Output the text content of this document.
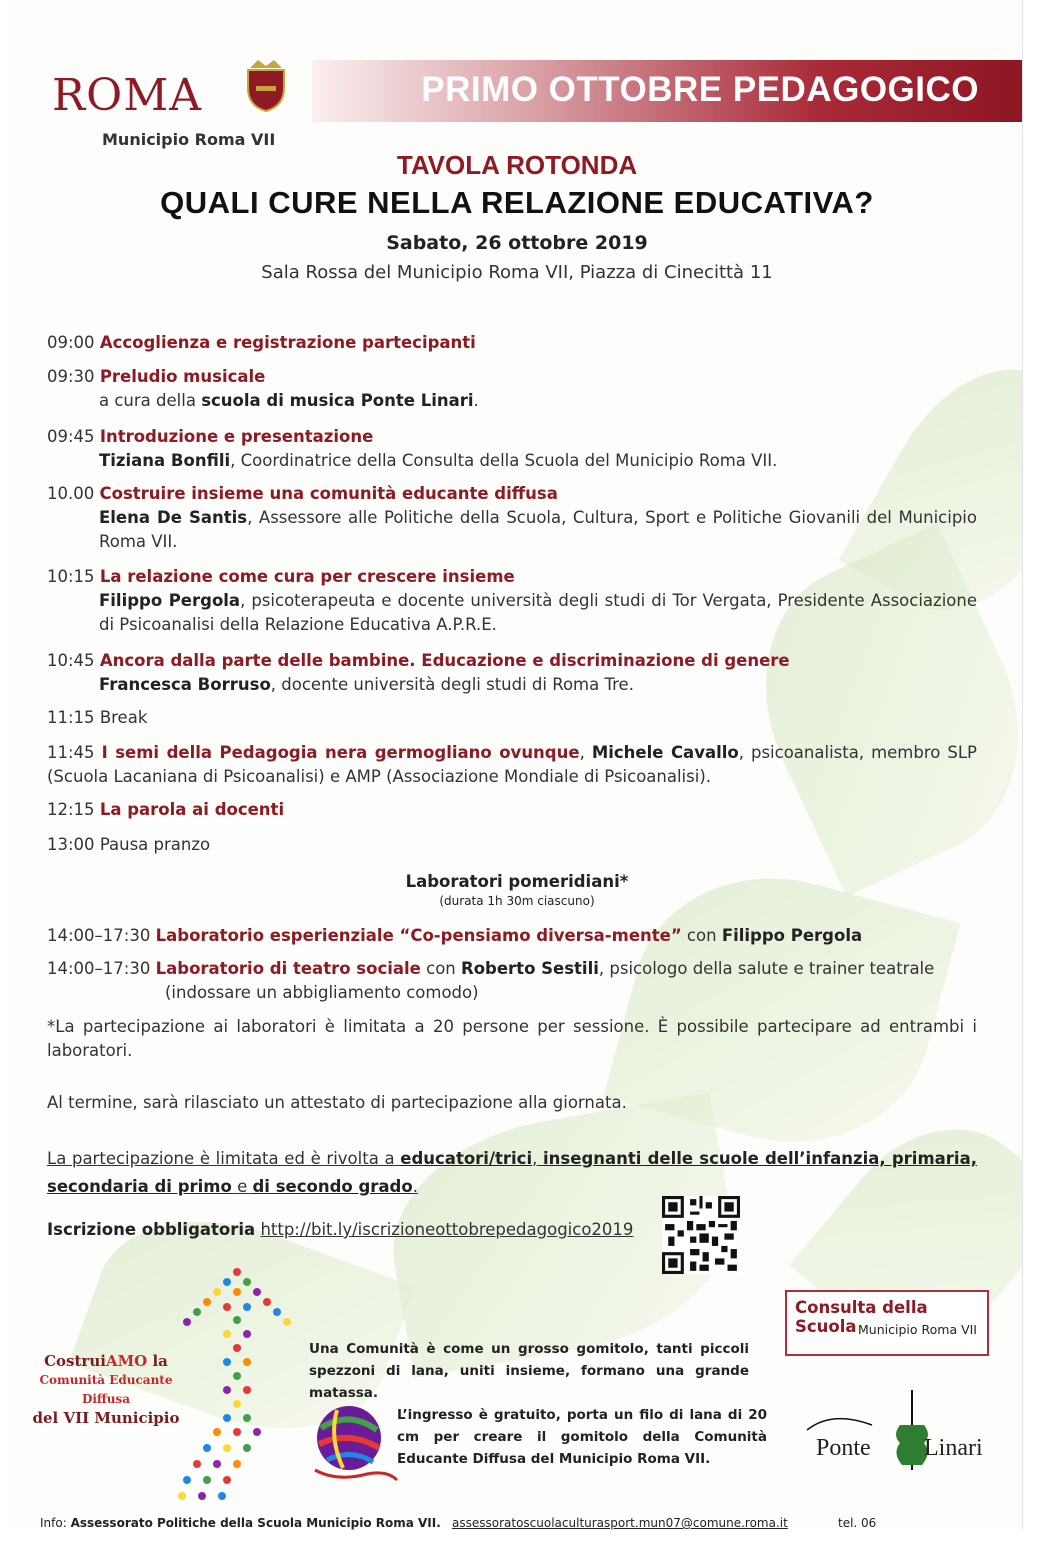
ROMA
Municipio Roma VII
PRIMO OTTOBRE PEDAGOGICO
TAVOLA ROTONDA
QUALI CURE NELLA RELAZIONE EDUCATIVA?
Sabato, 26 ottobre 2019
Sala Rossa del Municipio Roma VII, Piazza di Cinecittà 11
09:00 Accoglienza e registrazione partecipanti
09:30 Preludio musicale
a cura della scuola di musica Ponte Linari.
09:45 Introduzione e presentazione
Tiziana Bonfili, Coordinatrice della Consulta della Scuola del Municipio Roma VII.
10.00 Costruire insieme una comunità educante diffusa
Elena De Santis, Assessore alle Politiche della Scuola, Cultura, Sport e Politiche Giovanili del Municipio Roma VII.
10:15 La relazione come cura per crescere insieme
Filippo Pergola, psicoterapeuta e docente università degli studi di Tor Vergata, Presidente Associazione di Psicoanalisi della Relazione Educativa A.P.R.E.
10:45 Ancora dalla parte delle bambine. Educazione e discriminazione di genere
Francesca Borruso, docente università degli studi di Roma Tre.
11:15 Break
11:45 I semi della Pedagogia nera germogliano ovunque, Michele Cavallo, psicoanalista, membro SLP (Scuola Lacaniana di Psicoanalisi) e AMP (Associazione Mondiale di Psicoanalisi).
12:15 La parola ai docenti
13:00 Pausa pranzo
Laboratori pomeridiani*
(durata 1h 30m ciascuno)
14:00–17:30 Laboratorio esperienziale “Co-pensiamo diversa-mente” con Filippo Pergola
14:00–17:30 Laboratorio di teatro sociale con Roberto Sestili, psicologo della salute e trainer teatrale
(indossare un abbigliamento comodo)
*La partecipazione ai laboratori è limitata a 20 persone per sessione. È possibile partecipare ad entrambi i laboratori.
Al termine, sarà rilasciato un attestato di partecipazione alla giornata.
La partecipazione è limitata ed è rivolta a educatori/trici, insegnanti delle scuole dell’infanzia, primaria, secondaria di primo e di secondo grado.
Iscrizione obbligatoria http://bit.ly/iscrizioneottobrepedagogico2019
Consulta della Scuola Municipio Roma VII
CostruiAMO la
Comunità Educante Diffusa
del VII Municipio
Una Comunità è come un grosso gomitolo, tanti piccoli spezzoni di lana, uniti insieme, formano una grande matassa.
L’ingresso è gratuito, porta un filo di lana di 20 cm per creare il gomitolo della Comunità Educante Diffusa del Municipio Roma VII.	Ponte Linari
Info: Assessorato Politiche della Scuola Municipio Roma VII. assessoratoscuolaculturasport.mun07@comune.roma.it	tel. 06
